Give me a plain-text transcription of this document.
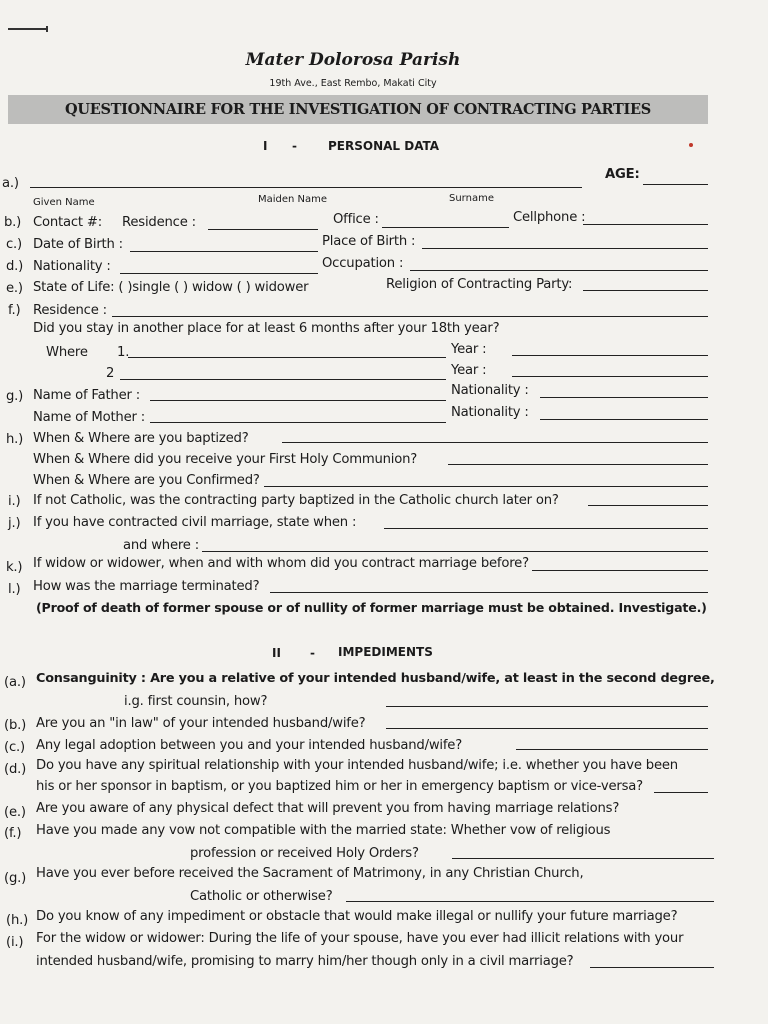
Mater Dolorosa Parish
19th Ave., East Rembo, Makati City
QUESTIONNAIRE FOR THE INVESTIGATION OF CONTRACTING PARTIES
I -	PERSONAL DATA
a.)
AGE:
Given Name	Maiden Name	Surname
b.) Contact #: Residence :	Office :	Cellphone :
c.) Date of Birth :	Place of Birth :
d.) Nationality :	Occupation :
e.) State of Life: ( )single ( ) widow ( ) widower	Religion of Contracting Party:
f.) Residence :
Did you stay in another place for at least 6 months after your 18th year?
Where 1.	Year :
2	Year :
g.) Name of Father :	Nationality :
Name of Mother :	Nationality :
h.) When & Where are you baptized?
When & Where did you receive your First Holy Communion?
When & Where are you Confirmed?
i.) If not Catholic, was the contracting party baptized in the Catholic church later on?
j.) If you have contracted civil marriage, state when :
and where :
k.) If widow or widower, when and with whom did you contract marriage before?
l.) How was the marriage terminated?
(Proof of death of former spouse or of nullity of former marriage must be obtained. Investigate.)
II - IMPEDIMENTS
(a.) Consanguinity : Are you a relative of your intended husband/wife, at least in the second degree,
i.g. first counsin, how?
(b.) Are you an "in law" of your intended husband/wife?
(c.) Any legal adoption between you and your intended husband/wife?
(d.) Do you have any spiritual relationship with your intended husband/wife; i.e. whether you have been
his or her sponsor in baptism, or you baptized him or her in emergency baptism or vice-versa?
(e.) Are you aware of any physical defect that will prevent you from having marriage relations?
(f.) Have you made any vow not compatible with the married state: Whether vow of religious
profession or received Holy Orders?
(g.) Have you ever before received the Sacrament of Matrimony, in any Christian Church,
Catholic or otherwise?
(h.) Do you know of any impediment or obstacle that would make illegal or nullify your future marriage?
(i.) For the widow or widower: During the life of your spouse, have you ever had illicit relations with your
intended husband/wife, promising to marry him/her though only in a civil marriage?
